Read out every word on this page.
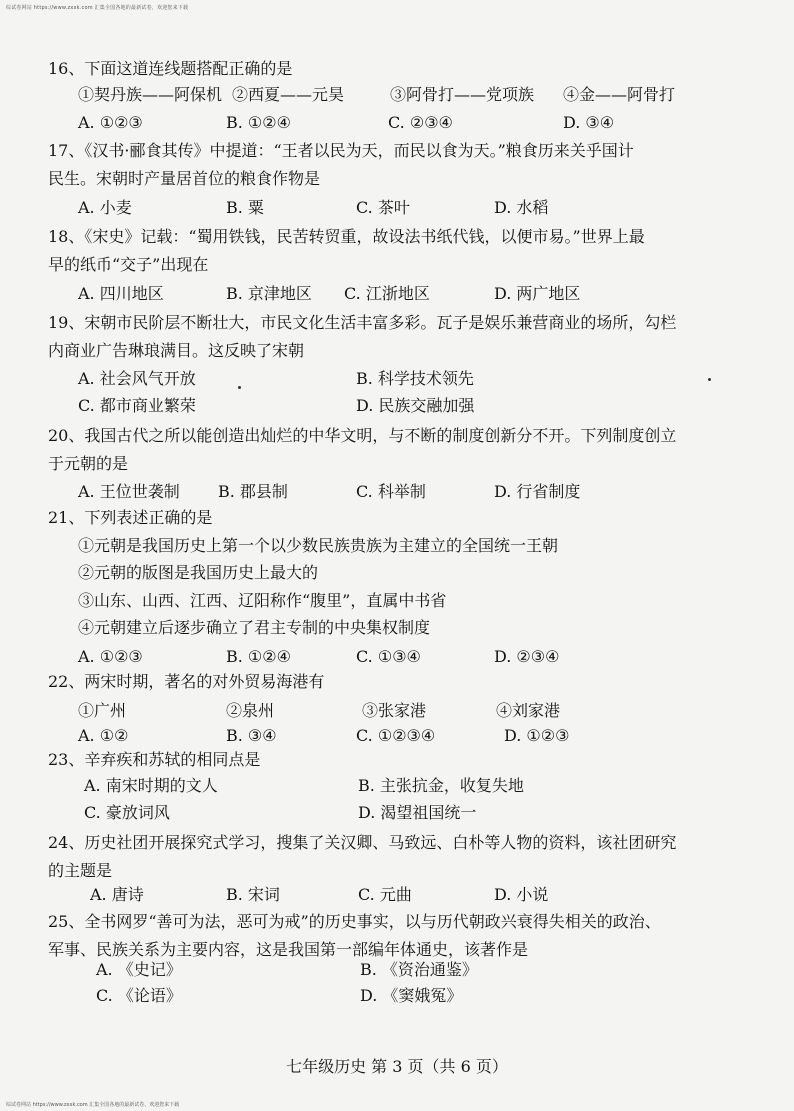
综试卷网站 https://www.zxxk.com 汇集全国各地的最新试卷，欢迎您来下载

16、下面这道连线题搭配正确的是

①契丹族——阿保机 ②西夏——元昊	③阿骨打——党项族 ④金——阿骨打
A. ①②③	B. ①②④	C. ②③④	D. ③④

17、《汉书·郦食其传》中提道：“王者以民为天，而民以食为天。”粮食历来关乎国计

民生。宋朝时产量居首位的粮食作物是

A. 小麦	B. 粟	C. 茶叶	D. 水稻

18、《宋史》记载：“蜀用铁钱，民苦转贸重，故设法书纸代钱，以便市易。”世界上最

早的纸币“交子”出现在

A. 四川地区	B. 京津地区 C. 江浙地区	D. 两广地区

19、宋朝市民阶层不断壮大，市民文化生活丰富多彩。瓦子是娱乐兼营商业的场所，勾栏

内商业广告琳琅满目。这反映了宋朝

A. 社会风气开放	B. 科学技术领先
C. 都市商业繁荣	D. 民族交融加强

20、我国古代之所以能创造出灿烂的中华文明，与不断的制度创新分不开。下列制度创立

于元朝的是

A. 王位世袭制 B. 郡县制	C. 科举制	D. 行省制度

21、下列表述正确的是

①元朝是我国历史上第一个以少数民族贵族为主建立的全国统一王朝
②元朝的版图是我国历史上最大的
③山东、山西、江西、辽阳称作“腹里”，直属中书省
④元朝建立后逐步确立了君主专制的中央集权制度
A. ①②③	B. ①②④	C. ①③④	D. ②③④

22、两宋时期，著名的对外贸易海港有

①广州	②泉州	③张家港	④刘家港
A. ①②	B. ③④	C. ①②③④	D. ①②③

23、辛弃疾和苏轼的相同点是

A. 南宋时期的文人	B. 主张抗金，收复失地
C. 豪放词风	D. 渴望祖国统一

24、历史社团开展探究式学习，搜集了关汉卿、马致远、白朴等人物的资料，该社团研究

的主题是

A. 唐诗	B. 宋词	C. 元曲	D. 小说

25、全书网罗“善可为法，恶可为戒”的历史事实，以与历代朝政兴衰得失相关的政治、

军事、民族关系为主要内容，这是我国第一部编年体通史，该著作是

A. 《史记》	B. 《资治通鉴》
C. 《论语》	D. 《窦娥冤》
七年级历史 第 3 页（共 6 页）
综试卷网站 https://www.zxxk.com 汇集全国各地的最新试卷，欢迎您来下载
